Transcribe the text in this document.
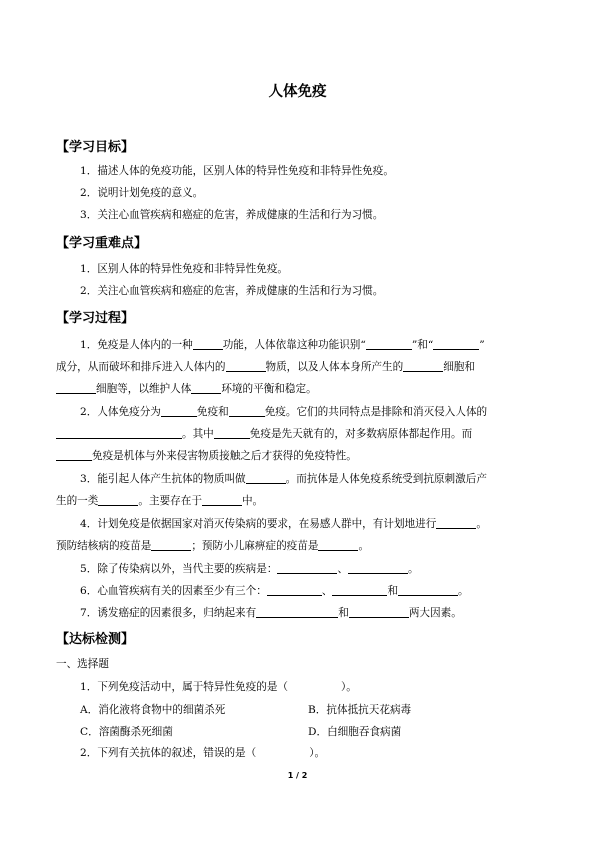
人体免疫
【学习目标】
1．描述人体的免疫功能，区别人体的特异性免疫和非特异性免疫。
2．说明计划免疫的意义。
3．关注心血管疾病和癌症的危害，养成健康的生活和行为习惯。
【学习重难点】
1．区别人体的特异性免疫和非特异性免疫。
2．关注心血管疾病和癌症的危害，养成健康的生活和行为习惯。
【学习过程】
1．免疫是人体内的一种	功能，人体依靠这种功能识别“	”和“	”
成分，从而破坏和排斥进入人体内的	物质，以及人体本身所产生的	细胞和
细胞等，以维护人体	环境的平衡和稳定。
2．人体免疫分为	免疫和	免疫。它们的共同特点是排除和消灭侵入人体的
。其中	免疫是先天就有的，对多数病原体都起作用。而
免疫是机体与外来侵害物质接触之后才获得的免疫特性。
3．能引起人体产生抗体的物质叫做	。而抗体是人体免疫系统受到抗原刺激后产
生的一类	。主要存在于	中。
4．计划免疫是依据国家对消灭传染病的要求，在易感人群中，有计划地进行	。
预防结核病的疫苗是	；预防小儿麻痹症的疫苗是	。
5．除了传染病以外，当代主要的疾病是：	、	。
6．心血管疾病有关的因素至少有三个：	、	和	。
7．诱发癌症的因素很多，归纳起来有	和	两大因素。
【达标检测】
一、选择题
1．下列免疫活动中，属于特异性免疫的是（　　　　　）。
A．消化液将食物中的细菌杀死	B．抗体抵抗天花病毒
C．溶菌酶杀死细菌	D．白细胞吞食病菌
2．下列有关抗体的叙述，错误的是（　　　　　）。
1 / 2
